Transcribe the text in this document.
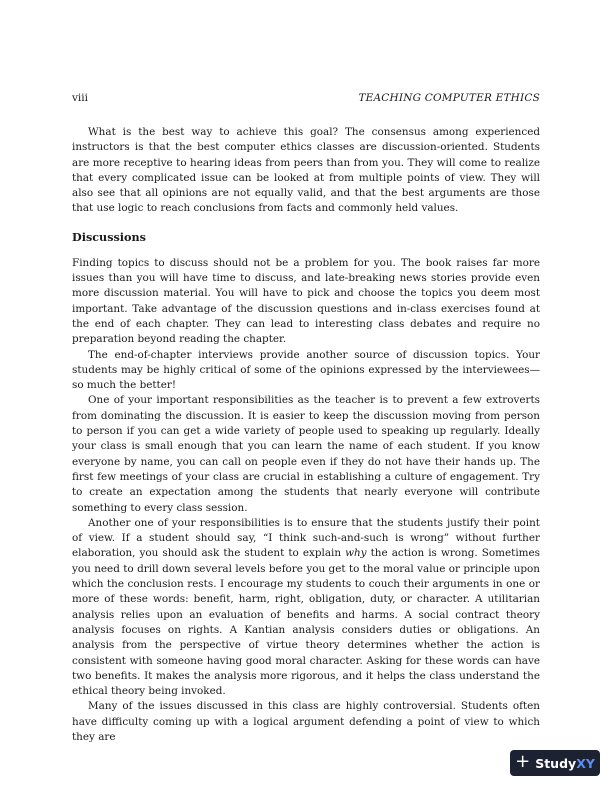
viii	TEACHING COMPUTER ETHICS

What is the best way to achieve this goal? The consensus among experienced instructors is that the best computer ethics classes are discussion-oriented. Students are more receptive to hearing ideas from peers than from you. They will come to realize that every complicated issue can be looked at from multiple points of view. They will also see that all opinions are not equally valid, and that the best arguments are those that use logic to reach conclusions from facts and commonly held values.

Discussions

Finding topics to discuss should not be a problem for you. The book raises far more issues than you will have time to discuss, and late-breaking news stories provide even more discussion material. You will have to pick and choose the topics you deem most important. Take advantage of the discussion questions and in-class exercises found at the end of each chapter. They can lead to interesting class debates and require no preparation beyond reading the chapter.

The end-of-chapter interviews provide another source of discussion topics. Your students may be highly critical of some of the opinions expressed by the interviewees—so much the better!

One of your important responsibilities as the teacher is to prevent a few extroverts from dominating the discussion. It is easier to keep the discussion moving from person to person if you can get a wide variety of people used to speaking up regularly. Ideally your class is small enough that you can learn the name of each student. If you know everyone by name, you can call on people even if they do not have their hands up. The first few meetings of your class are crucial in establishing a culture of engagement. Try to create an expectation among the students that nearly everyone will contribute something to every class session.

Another one of your responsibilities is to ensure that the students justify their point of view. If a student should say, “I think such-and-such is wrong” without further elaboration, you should ask the student to explain why the action is wrong. Sometimes you need to drill down several levels before you get to the moral value or principle upon which the conclusion rests. I encourage my students to couch their arguments in one or more of these words: benefit, harm, right, obligation, duty, or character. A utilitarian analysis relies upon an evaluation of benefits and harms. A social contract theory analysis focuses on rights. A Kantian analysis considers duties or obligations. An analysis from the perspective of virtue theory determines whether the action is consistent with someone having good moral character. Asking for these words can have two benefits. It makes the analysis more rigorous, and it helps the class understand the ethical theory being invoked.

Many of the issues discussed in this class are highly controversial. Students often have difficulty coming up with a logical argument defending a point of view to which they are

+ StudyXY
